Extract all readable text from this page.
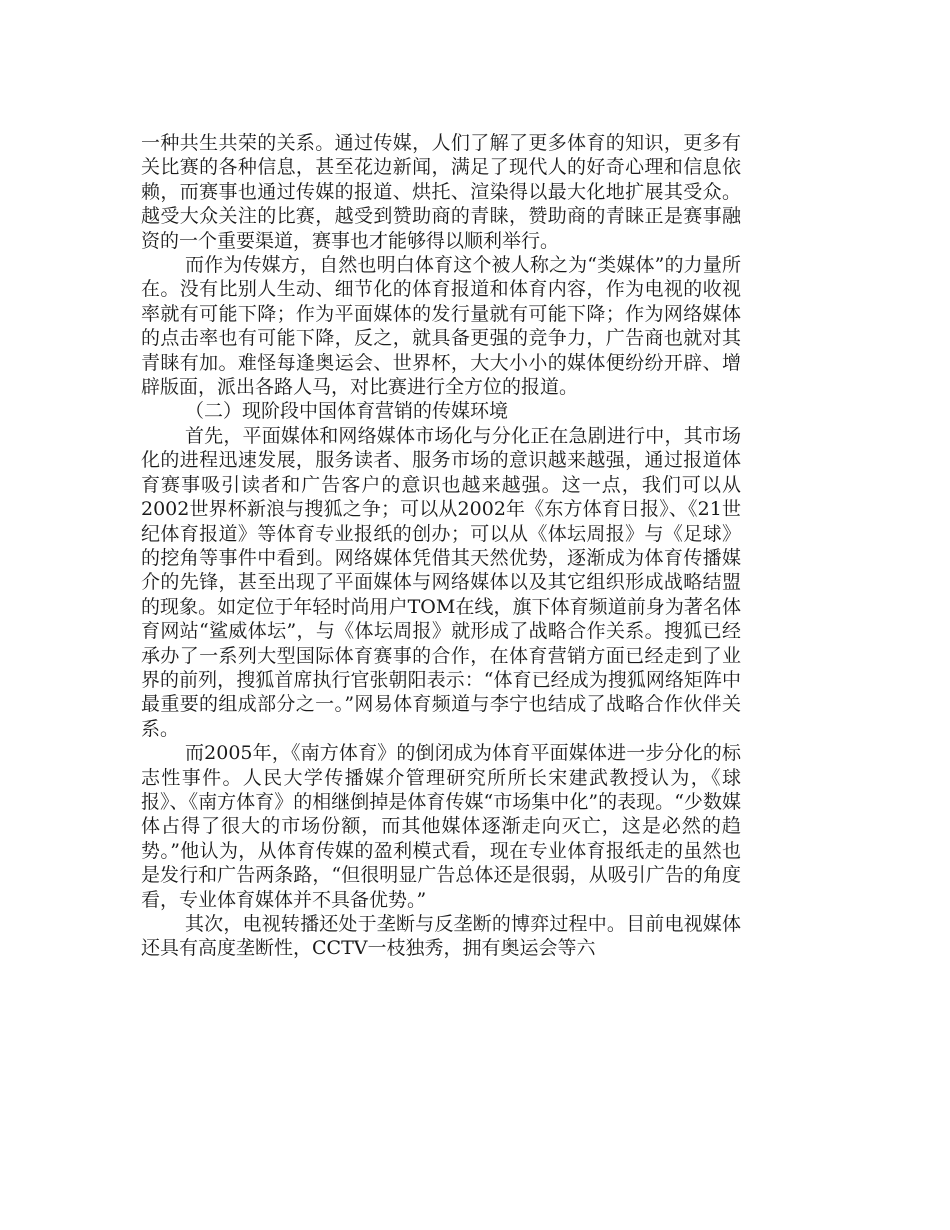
一种共生共荣的关系。通过传媒，人们了解了更多体育的知识，更多有关比赛的各种信息，甚至花边新闻，满足了现代人的好奇心理和信息依赖，而赛事也通过传媒的报道、烘托、渲染得以最大化地扩展其受众。越受大众关注的比赛，越受到赞助商的青睐，赞助商的青睐正是赛事融资的一个重要渠道，赛事也才能够得以顺利举行。

而作为传媒方，自然也明白体育这个被人称之为“类媒体”的力量所在。没有比别人生动、细节化的体育报道和体育内容，作为电视的收视率就有可能下降；作为平面媒体的发行量就有可能下降；作为网络媒体的点击率也有可能下降，反之，就具备更强的竞争力，广告商也就对其青睐有加。难怪每逢奥运会、世界杯，大大小小的媒体便纷纷开辟、增辟版面，派出各路人马，对比赛进行全方位的报道。

（二）现阶段中国体育营销的传媒环境

首先，平面媒体和网络媒体市场化与分化正在急剧进行中，其市场化的进程迅速发展，服务读者、服务市场的意识越来越强，通过报道体育赛事吸引读者和广告客户的意识也越来越强。这一点，我们可以从2002世界杯新浪与搜狐之争；可以从2002年《东方体育日报》、《21世纪体育报道》等体育专业报纸的创办；可以从《体坛周报》与《足球》的挖角等事件中看到。网络媒体凭借其天然优势，逐渐成为体育传播媒介的先锋，甚至出现了平面媒体与网络媒体以及其它组织形成战略结盟的现象。如定位于年轻时尚用户TOM在线，旗下体育频道前身为著名体育网站“鲨威体坛”，与《体坛周报》就形成了战略合作关系。搜狐已经承办了一系列大型国际体育赛事的合作，在体育营销方面已经走到了业界的前列，搜狐首席执行官张朝阳表示：“体育已经成为搜狐网络矩阵中最重要的组成部分之一。”网易体育频道与李宁也结成了战略合作伙伴关系。

而2005年，《南方体育》的倒闭成为体育平面媒体进一步分化的标志性事件。人民大学传播媒介管理研究所所长宋建武教授认为，《球报》、《南方体育》的相继倒掉是体育传媒“市场集中化”的表现。“少数媒体占得了很大的市场份额，而其他媒体逐渐走向灭亡，这是必然的趋势。”他认为，从体育传媒的盈利模式看，现在专业体育报纸走的虽然也是发行和广告两条路，“但很明显广告总体还是很弱，从吸引广告的角度看，专业体育媒体并不具备优势。”

其次，电视转播还处于垄断与反垄断的博弈过程中。目前电视媒体还具有高度垄断性，CCTV一枝独秀，拥有奥运会等六
